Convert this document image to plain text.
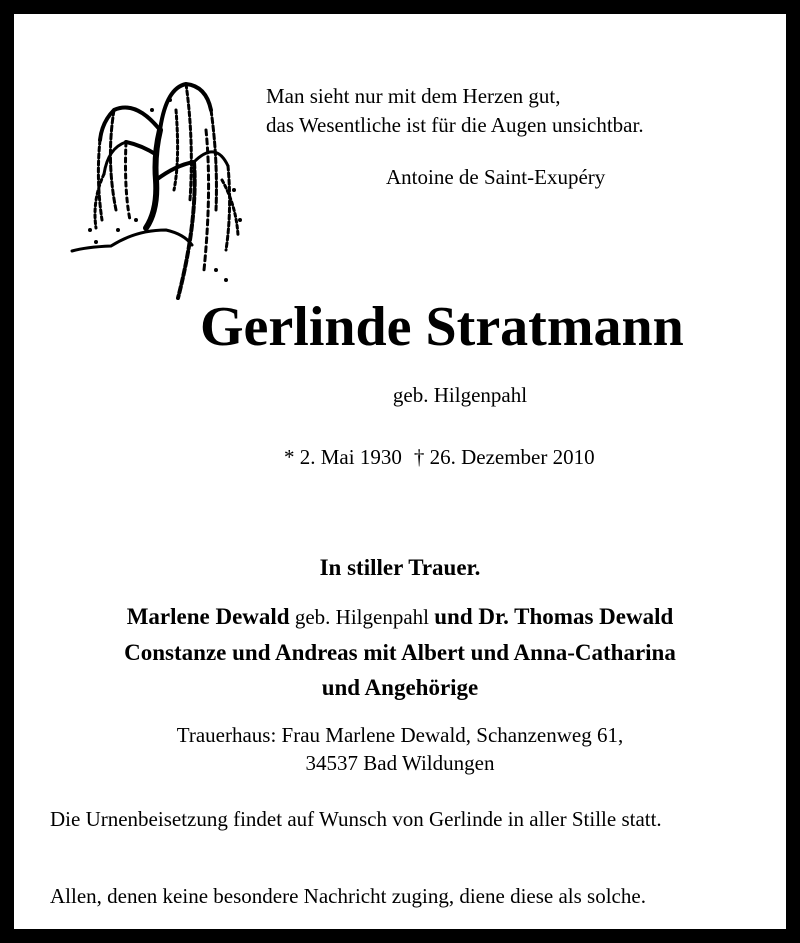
Man sieht nur mit dem Herzen gut,

das Wesentliche ist für die Augen unsichtbar.

Antoine de Saint-Exupéry
Gerlinde Stratmann
geb. Hilgenpahl
* 2. Mai 1930 † 26. Dezember 2010
In stiller Trauer.
Marlene Dewald geb. Hilgenpahl und Dr. Thomas Dewald
Constanze und Andreas mit Albert und Anna-Catharina
und Angehörige
Trauerhaus: Frau Marlene Dewald, Schanzenweg 61,
34537 Bad Wildungen
Die Urnenbeisetzung findet auf Wunsch von Gerlinde in aller Stille statt.
Allen, denen keine besondere Nachricht zuging, diene diese als solche.
